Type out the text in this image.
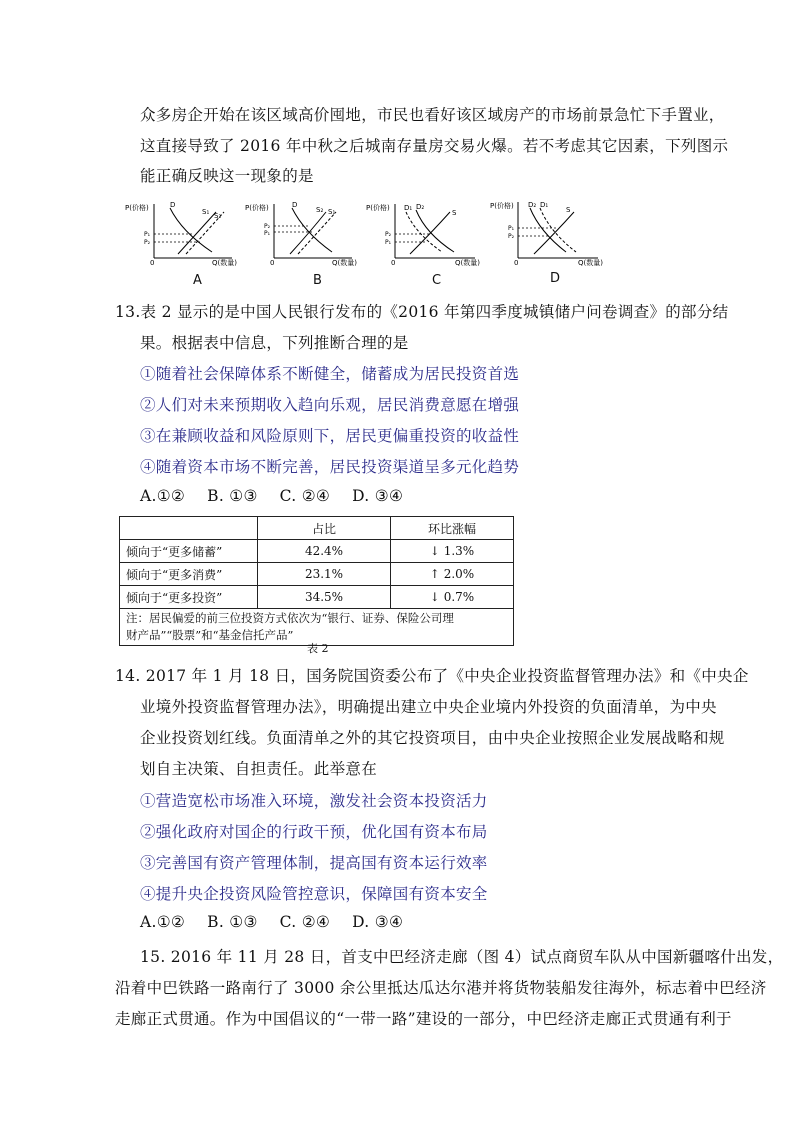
众多房企开始在该区域高价囤地，市民也看好该区域房产的市场前景急忙下手置业，
这直接导致了 2016 年中秋之后城南存量房交易火爆。若不考虑其它因素，下列图示
能正确反映这一现象的是
P(价格)
0	Q(数量)
D
S₁ S₂
P₁
P₂
P(价格)
0	Q(数量)
D
S₂ S₁
P₂
P₁
P(价格)
0	Q(数量)
D₁ D₂
S
P₂
P₁
P(价格)
0	Q(数量)
D₂ D₁
S
P₁
P₂
A	B	C	D
13.表 2 显示的是中国人民银行发布的《2016 年第四季度城镇储户问卷调查》的部分结
果。根据表中信息，下列推断合理的是
①随着社会保障体系不断健全，储蓄成为居民投资首选
②人们对未来预期收入趋向乐观，居民消费意愿在增强
③在兼顾收益和风险原则下，居民更偏重投资的收益性
④随着资本市场不断完善，居民投资渠道呈多元化趋势
A.①② B. ①③ C. ②④ D. ③④
	占比	环比涨幅
倾向于“更多储蓄”	42.4%	↓ 1.3%
倾向于“更多消费”	23.1%	↑ 2.0%
倾向于“更多投资”	34.5%	↓ 0.7%

注：居民偏爱的前三位投资方式依次为“银行、证券、保险公司理
财产品”“股票”和“基金信托产品”		
表 2
14. 2017 年 1 月 18 日，国务院国资委公布了《中央企业投资监督管理办法》和《中央企
业境外投资监督管理办法》，明确提出建立中央企业境内外投资的负面清单，为中央
企业投资划红线。负面清单之外的其它投资项目，由中央企业按照企业发展战略和规
划自主决策、自担责任。此举意在
①营造宽松市场准入环境，激发社会资本投资活力
②强化政府对国企的行政干预，优化国有资本布局
③完善国有资产管理体制，提高国有资本运行效率
④提升央企投资风险管控意识，保障国有资本安全
A.①② B. ①③ C. ②④ D. ③④
15. 2016 年 11 月 28 日，首支中巴经济走廊（图 4）试点商贸车队从中国新疆喀什出发，
沿着中巴铁路一路南行了 3000 余公里抵达瓜达尔港并将货物装船发往海外，标志着中巴经济
走廊正式贯通。作为中国倡议的“一带一路”建设的一部分，中巴经济走廊正式贯通有利于
